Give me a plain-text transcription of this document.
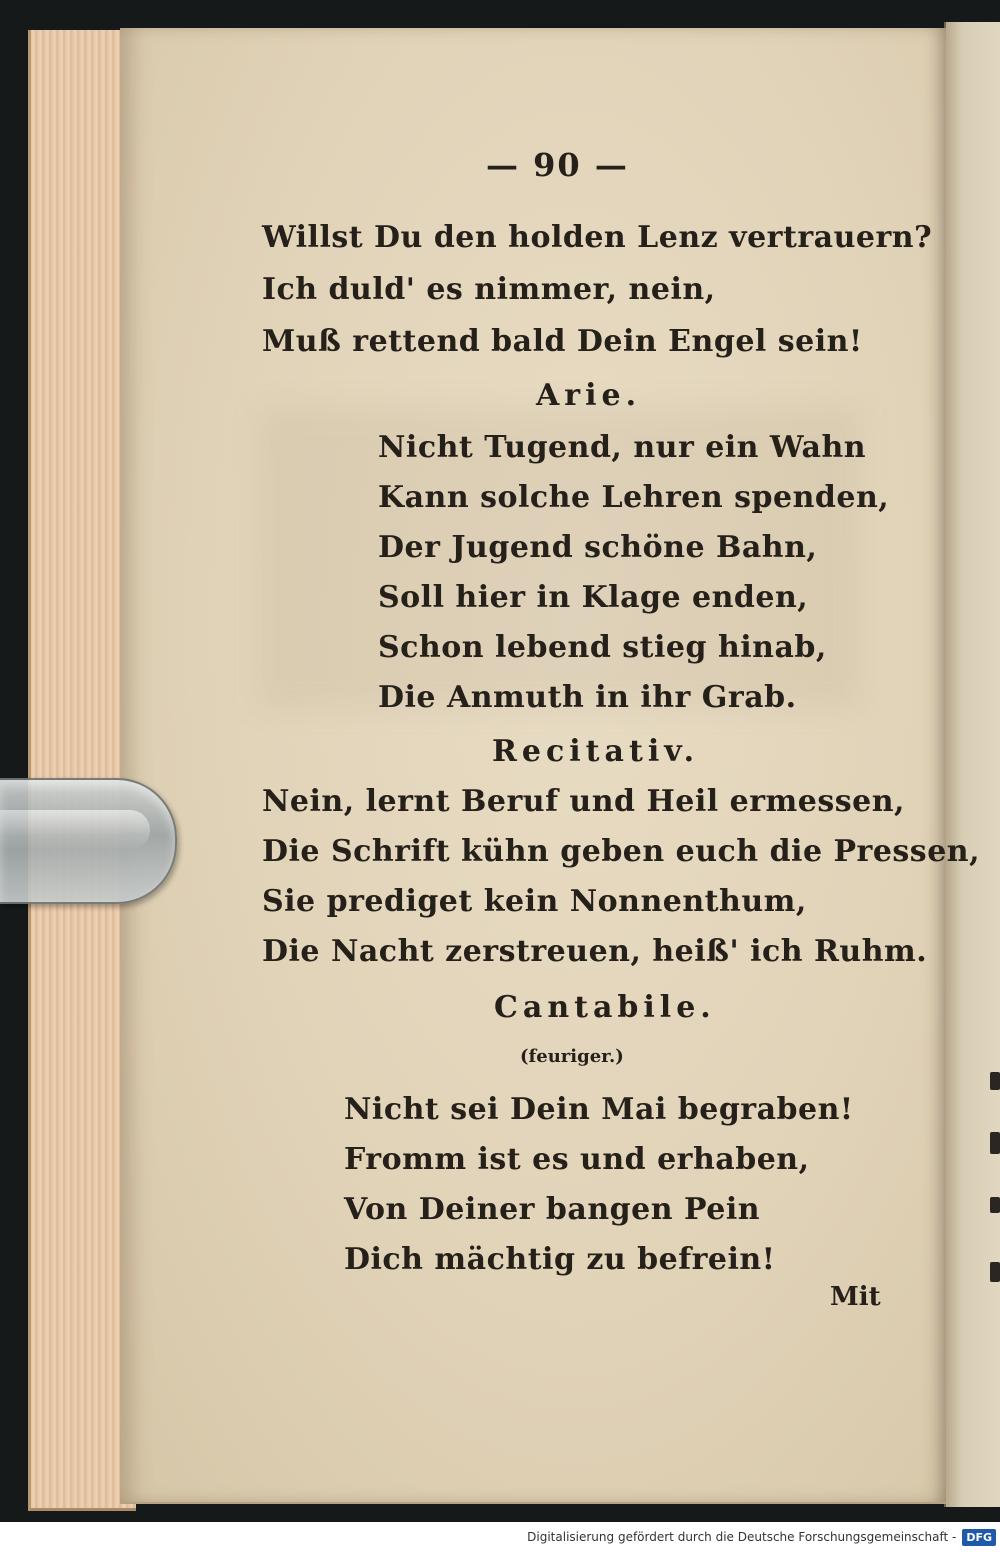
— 90 —
Willst Du den holden Lenz vertrauern?
Ich duld' es nimmer, nein,
Muß rettend bald Dein Engel sein!
Arie.
Nicht Tugend, nur ein Wahn
Kann solche Lehren spenden,
Der Jugend schöne Bahn,
Soll hier in Klage enden,
Schon lebend stieg hinab,
Die Anmuth in ihr Grab.
Recitativ.
Nein, lernt Beruf und Heil ermessen,
Die Schrift kühn geben euch die Pressen,
Sie prediget kein Nonnenthum,
Die Nacht zerstreuen, heiß' ich Ruhm.
Cantabile.
(feuriger.)
Nicht sei Dein Mai begraben!
Fromm ist es und erhaben,
Von Deiner bangen Pein
Dich mächtig zu befrein!
Mit
Digitalisierung gefördert durch die Deutsche Forschungsgemeinschaft - DFG
